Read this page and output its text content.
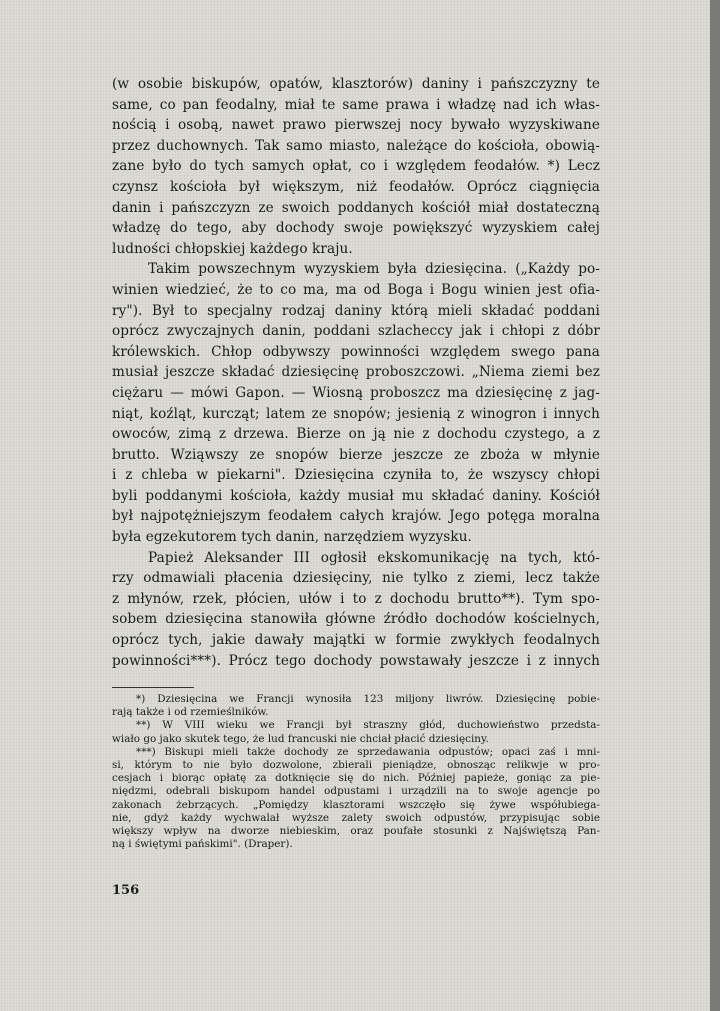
(w osobie biskupów, opatów, klasztorów) daniny i pańszczyzny te
same, co pan feodalny, miał te same prawa i władzę nad ich włas-
nością i osobą, nawet prawo pierwszej nocy bywało wyzyskiwane
przez duchownych. Tak samo miasto, należące do kościoła, obowią-
zane było do tych samych opłat, co i względem feodałów. *) Lecz
czynsz kościoła był większym, niż feodałów. Oprócz ciągnięcia
danin i pańszczyzn ze swoich poddanych kościół miał dostateczną
władzę do tego, aby dochody swoje powiększyć wyzyskiem całej
ludności chłopskiej każdego kraju.
Takim powszechnym wyzyskiem była dziesięcina. („Każdy po-
winien wiedzieć, że to co ma, ma od Boga i Bogu winien jest ofia-
ry"). Był to specjalny rodzaj daniny którą mieli składać poddani
oprócz zwyczajnych danin, poddani szlacheccy jak i chłopi z dóbr
królewskich. Chłop odbywszy powinności względem swego pana
musiał jeszcze składać dziesięcinę proboszczowi. „Niema ziemi bez
ciężaru — mówi Gapon. — Wiosną proboszcz ma dziesięcinę z jag-
niąt, koźląt, kurcząt; latem ze snopów; jesienią z winogron i innych
owoców, zimą z drzewa. Bierze on ją nie z dochodu czystego, a z
brutto. Wziąwszy ze snopów bierze jeszcze ze zboża w młynie
i z chleba w piekarni". Dziesięcina czyniła to, że wszyscy chłopi
byli poddanymi kościoła, każdy musiał mu składać daniny. Kościół
był najpotężniejszym feodałem całych krajów. Jego potęga moralna
była egzekutorem tych danin, narzędziem wyzysku.
Papież Aleksander III ogłosił ekskomunikację na tych, któ-
rzy odmawiali płacenia dziesięciny, nie tylko z ziemi, lecz także
z młynów, rzek, płócien, ułów i to z dochodu brutto**). Tym spo-
sobem dziesięcina stanowiła główne źródło dochodów kościelnych,
oprócz tych, jakie dawały majątki w formie zwykłych feodalnych
powinności***). Prócz tego dochody powstawały jeszcze i z innych
*) Dziesięcina we Francji wynosiła 123 miljony liwrów. Dziesięcinę pobie-
rają także i od rzemieślników.
**) W VIII wieku we Francji był straszny głód, duchowieństwo przedsta-
wiało go jako skutek tego, że lud francuski nie chciał płacić dziesięciny.
***) Biskupi mieli także dochody ze sprzedawania odpustów; opaci zaś i mni-
si, którym to nie było dozwolone, zbierali pieniądze, obnosząc relikwje w pro-
cesjach i biorąc opłatę za dotknięcie się do nich. Później papieże, goniąc za pie-
niędzmi, odebrali biskupom handel odpustami i urządzili na to swoje agencje po
zakonach żebrzących. „Pomiędzy klasztorami wszczęło się żywe współubiega-
nie, gdyż każdy wychwalał wyższe zalety swoich odpustów, przypisując sobie
większy wpływ na dworze niebieskim, oraz poufałe stosunki z Najświętszą Pan-
ną i świętymi pańskimi". (Draper).
156
